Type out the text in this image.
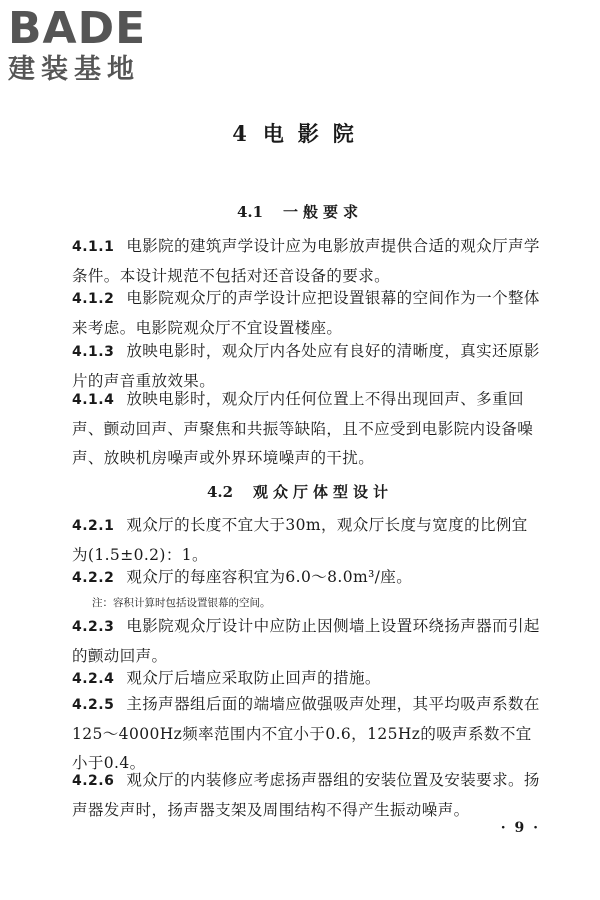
BADE
建装基地
4 电影院
4.1 一般要求

4.1.1 电影院的建筑声学设计应为电影放声提供合适的观众厅声学条件。本设计规范不包括对还音设备的要求。

4.1.2 电影院观众厅的声学设计应把设置银幕的空间作为一个整体来考虑。电影院观众厅不宜设置楼座。

4.1.3 放映电影时，观众厅内各处应有良好的清晰度，真实还原影片的声音重放效果。

4.1.4 放映电影时，观众厅内任何位置上不得出现回声、多重回声、颤动回声、声聚焦和共振等缺陷，且不应受到电影院内设备噪声、放映机房噪声或外界环境噪声的干扰。

4.2 观众厅体型设计

4.2.1 观众厅的长度不宜大于30m，观众厅长度与宽度的比例宜为(1.5±0.2)：1。

4.2.2 观众厅的每座容积宜为6.0～8.0m³/座。

注：容积计算时包括设置银幕的空间。

4.2.3 电影院观众厅设计中应防止因侧墙上设置环绕扬声器而引起的颤动回声。

4.2.4 观众厅后墙应采取防止回声的措施。

4.2.5 主扬声器组后面的端墙应做强吸声处理，其平均吸声系数在125～4000Hz频率范围内不宜小于0.6，125Hz的吸声系数不宜小于0.4。

4.2.6 观众厅的内装修应考虑扬声器组的安装位置及安装要求。扬声器发声时，扬声器支架及周围结构不得产生振动噪声。

· 9 ·
